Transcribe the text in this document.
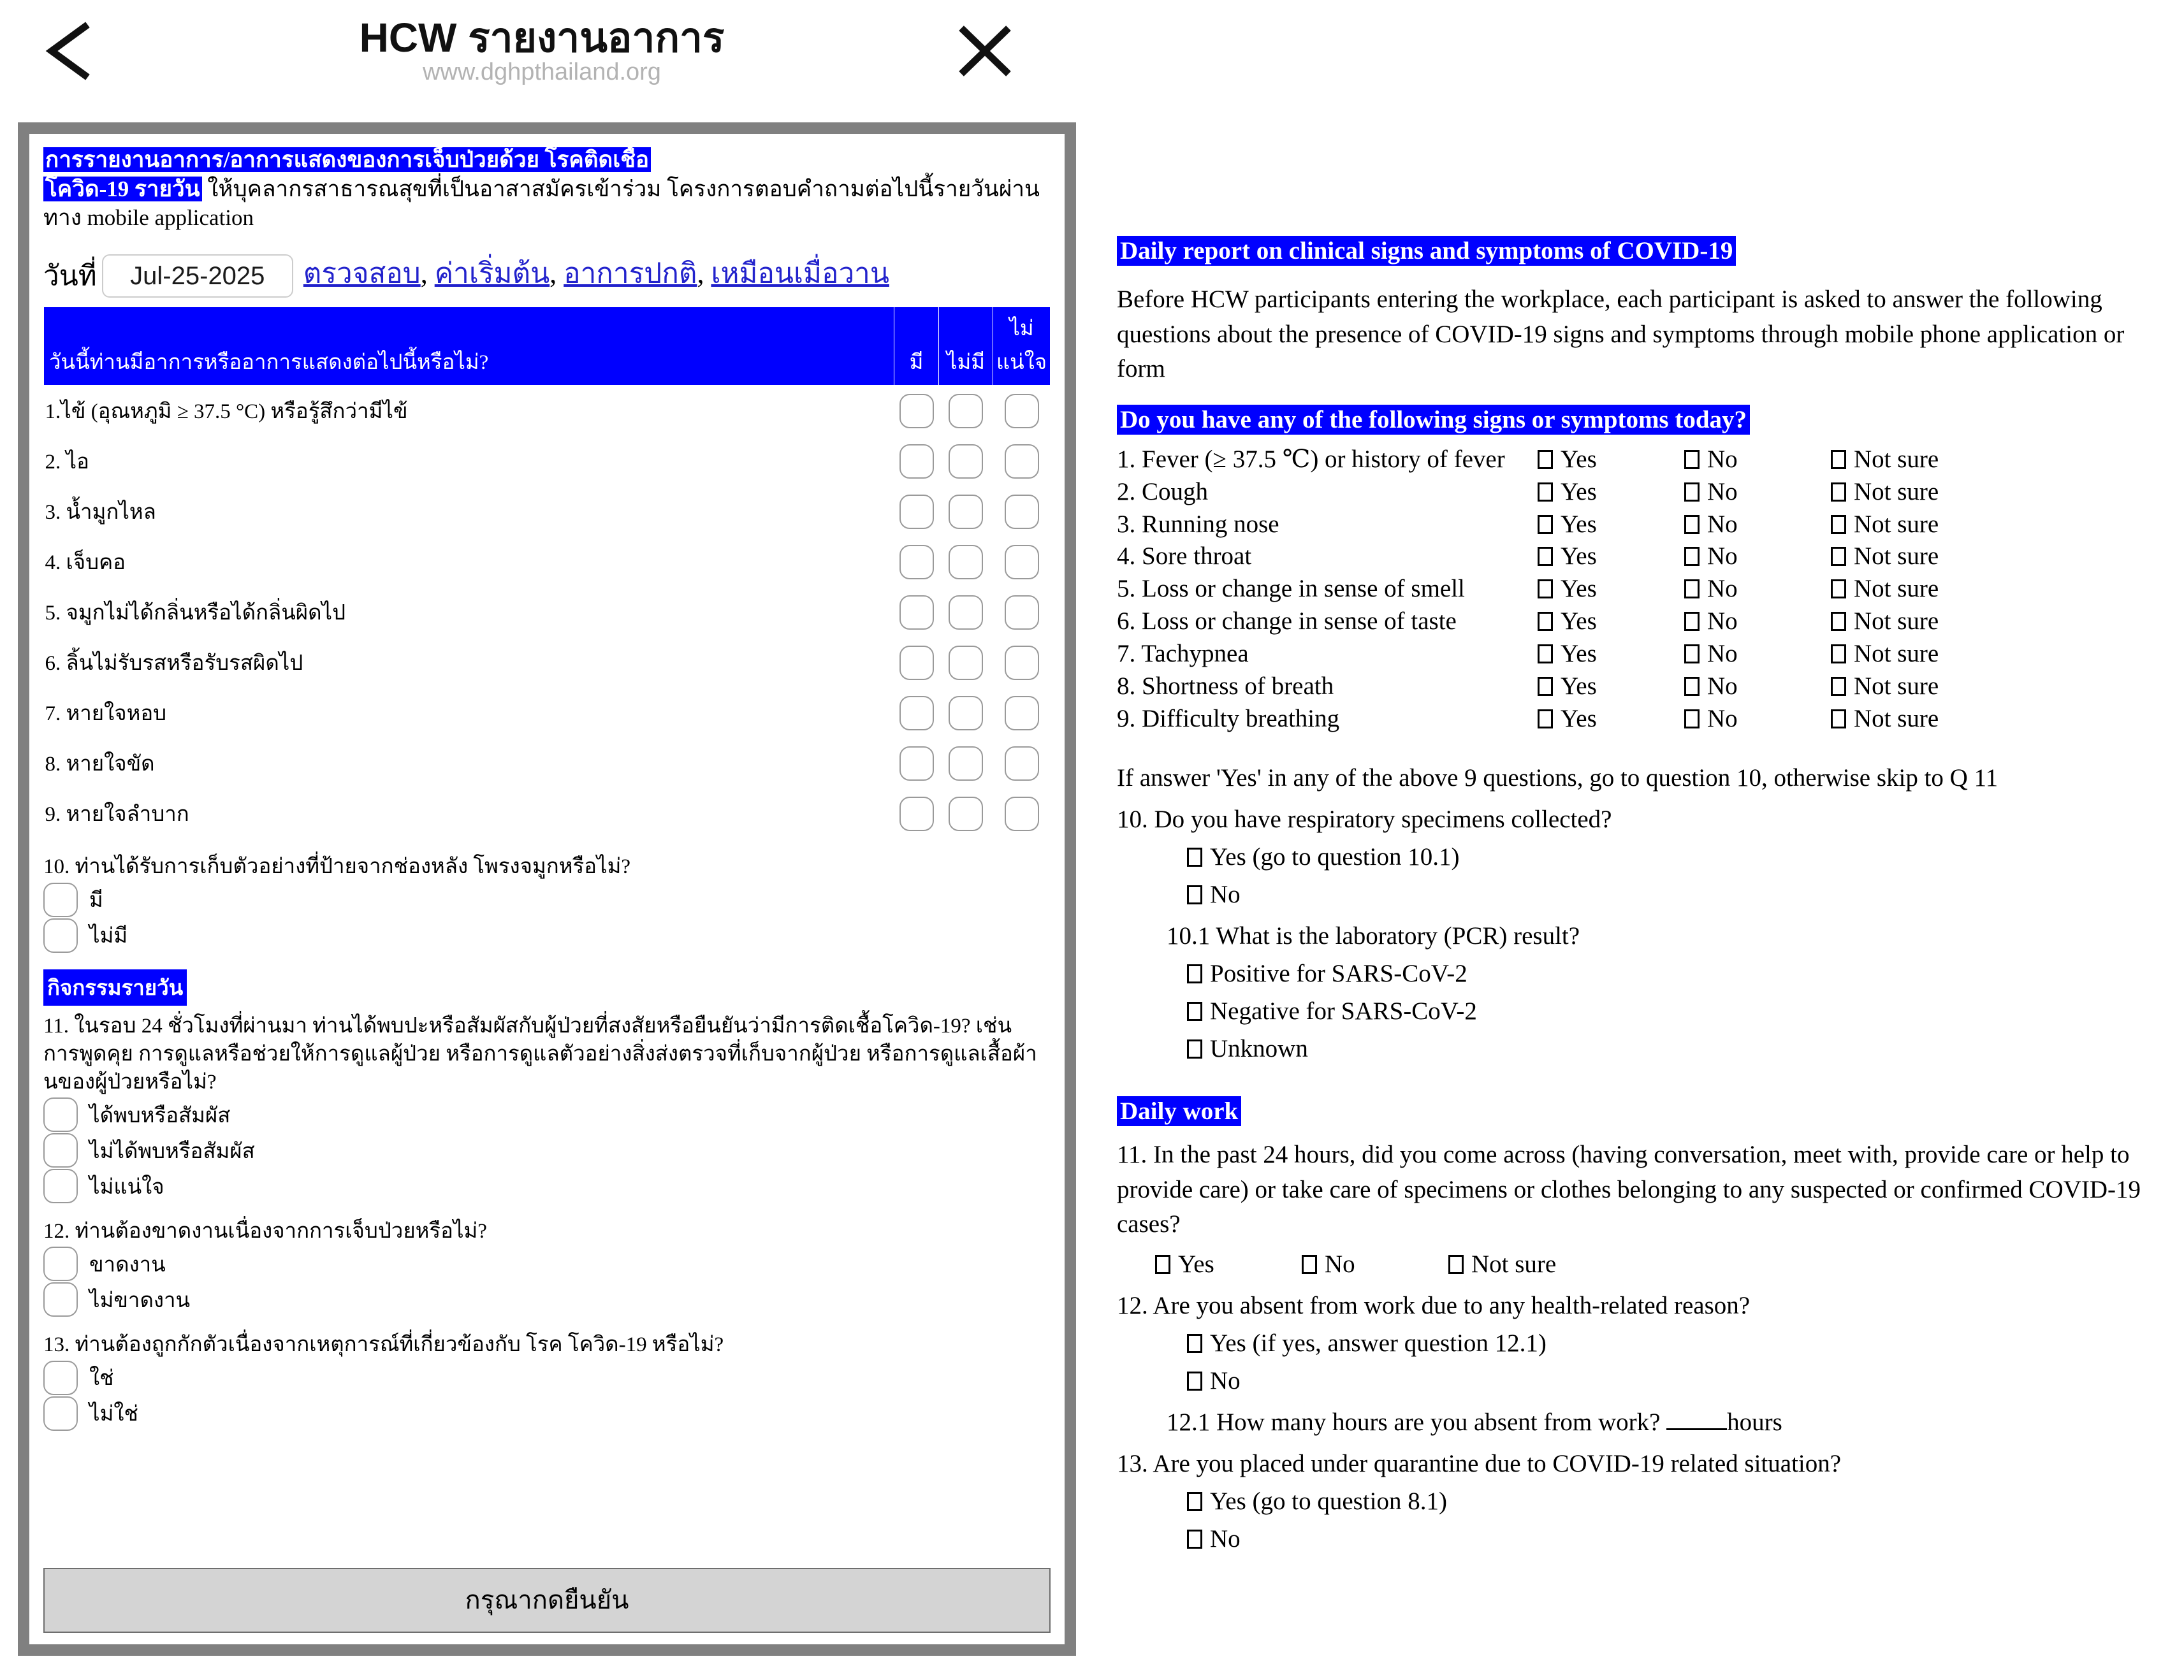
HCW รายงานอาการ
www.dghpthailand.org
การรายงานอาการ/อาการแสดงของการเจ็บป่วยด้วย โรคติดเชื้อ
โควิด-19 รายวัน ให้บุคลากรสาธารณสุขที่เป็นอาสาสมัครเข้าร่วม โครงการตอบคำถามต่อไปนี้รายวันผ่านทาง mobile application
วันที่ Jul-25-2025 ตรวจสอบ, ค่าเริ่มต้น, อาการปกติ, เหมือนเมื่อวาน
วันนี้ท่านมีอาการหรืออาการแสดงต่อไปนี้หรือไม่?	มี	ไม่มี	ไม่แน่ใจ
1.ไข้ (อุณหภูมิ ≥ 37.5 °C) หรือรู้สึกว่ามีไข้			
2. ไอ			
3. น้ำมูกไหล			
4. เจ็บคอ			
5. จมูกไม่ได้กลิ่นหรือได้กลิ่นผิดไป			
6. ลิ้นไม่รับรสหรือรับรสผิดไป			
7. หายใจหอบ			
8. หายใจขัด			
9. หายใจลำบาก			
10. ท่านได้รับการเก็บตัวอย่างที่ป้ายจากช่องหลัง โพรงจมูกหรือไม่?
มี
ไม่มี
กิจกรรมรายวัน
11. ในรอบ 24 ชั่วโมงที่ผ่านมา ท่านได้พบปะหรือสัมผัสกับผู้ป่วยที่สงสัยหรือยืนยันว่ามีการติดเชื้อโควิด-19? เช่น การพูดคุย การดูแลหรือช่วยให้การดูแลผู้ป่วย หรือการดูแลตัวอย่างสิ่งส่งตรวจที่เก็บจากผู้ป่วย หรือการดูแลเสื้อผ้านของผู้ป่วยหรือไม่?
ได้พบหรือสัมผัส
ไม่ได้พบหรือสัมผัส
ไม่แน่ใจ
12. ท่านต้องขาดงานเนื่องจากการเจ็บป่วยหรือไม่?
ขาดงาน
ไม่ขาดงาน
13. ท่านต้องถูกกักตัวเนื่องจากเหตุการณ์ที่เกี่ยวข้องกับ โรค โควิด-19 หรือไม่?
ใช่
ไม่ใช่
กรุณากดยืนยัน
Daily report on clinical signs and symptoms of COVID-19
Before HCW participants entering the workplace, each participant is asked to answer the following questions about the presence of COVID-19 signs and symptoms through mobile phone application or form
Do you have any of the following signs or symptoms today?
1. Fever (≥ 37.5 ℃) or history of fever	Yes	No	Not sure
2. Cough	Yes	No	Not sure
3. Running nose	Yes	No	Not sure
4. Sore throat	Yes	No	Not sure
5. Loss or change in sense of smell	Yes	No	Not sure
6. Loss or change in sense of taste	Yes	No	Not sure
7. Tachypnea	Yes	No	Not sure
8. Shortness of breath	Yes	No	Not sure
9. Difficulty breathing	Yes	No	Not sure
If answer 'Yes' in any of the above 9 questions, go to question 10, otherwise skip to Q 11
10. Do you have respiratory specimens collected?
Yes (go to question 10.1)
No
10.1 What is the laboratory (PCR) result?
Positive for SARS-CoV-2
Negative for SARS-CoV-2
Unknown
Daily work
11. In the past 24 hours, did you come across (having conversation, meet with, provide care or help to provide care) or take care of specimens or clothes belonging to any suspected or confirmed COVID-19 cases?
Yes	No	Not sure
12. Are you absent from work due to any health-related reason?
Yes (if yes, answer question 12.1)
No
12.1 How many hours are you absent from work?	hours
13. Are you placed under quarantine due to COVID-19 related situation?
Yes (go to question 8.1)
No
